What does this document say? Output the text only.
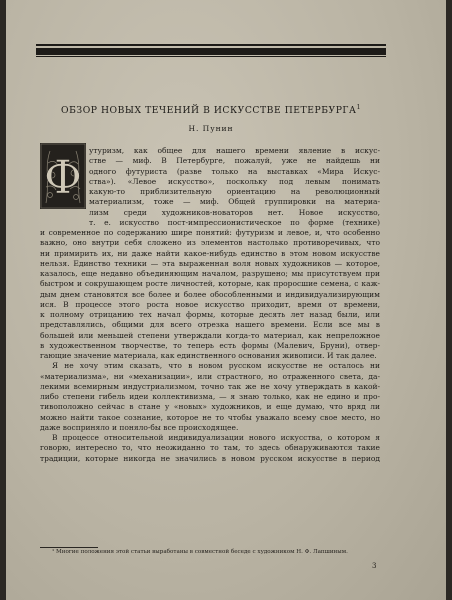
ОБЗОР НОВЫХ ТЕЧЕНИЙ В ИСКУССТВЕ ПЕТЕРБУРГА$^1$
Н. Пунин
Ф утуризм, как общее для нашего времени явление в искус-
стве — миф. В Петербурге, пожалуй, уже не найдешь ни
одного футуриста (разве только на выставках «Мира Искус-
ства»). «Левое искусство», поскольку под левым понимать
какую-то приблизительную ориентацию на революционный
материализм, тоже — миф. Общей группировки на материа-
лизм среди художников-новаторов нет. Новое искусство,
т. е. искусство пост-импрессионистическое по форме (технике)
и современное по содержанию шире понятий: футуризм и левое, и, что особенно
важно, оно внутри себя сложено из элементов настолько противоречивых, что
ни примирить их, ни даже найти какое-нибудь единство в этом новом искусстве
нельзя. Единство техники — эта выраженная воля новых художников — которое,
казалось, еще недавно объединяющим началом, разрушено; мы присутствуем при
быстром и сокрушающем росте личностей, которые, как проросшие семена, с каж-
дым днем становятся все более и более обособленными и индивидуализирующим
ися. В процессе этого роста новое искусство приходит, время от времени,
к полному отрицанию тех начал формы, которые десять лет назад были, или
представлялись, общими для всего отрезка нашего времени. Если все мы в
большей или меньшей степени утверждали когда-то материал, как непреложное
в художественном творчестве, то теперь есть формы (Малевич, Бруни), отвер-
гающие значение материала, как единственного основания живописи. И так далее.
Я не хочу этим сказать, что в новом русском искусстве не осталось ни
«материализма», ни «механизации», или страстного, но отраженного света, да-
лекими всемирным индустриализмом, точно так же не хочу утверждать в какой-
либо степени гибель идеи коллективизма, — я знаю только, как не едино и про-
тивоположно сейчас в стане у «новых» художников, и еще думаю, что вряд ли
можно найти такое сознание, которое не то чтобы уважало всему свое место, но
даже восприняло и поняло-бы все происходящее.
В процессе относительной индивидуализации нового искусства, о котором я
говорю, интересно то, что неожиданно то там, то здесь обнаруживаются такие
традиции, которые никогда не значились в новом русском искусстве в период
¹ Многие положения этой статьи выработаны в совместной беседе с художником Н. Ф. Лапшиным.
3
